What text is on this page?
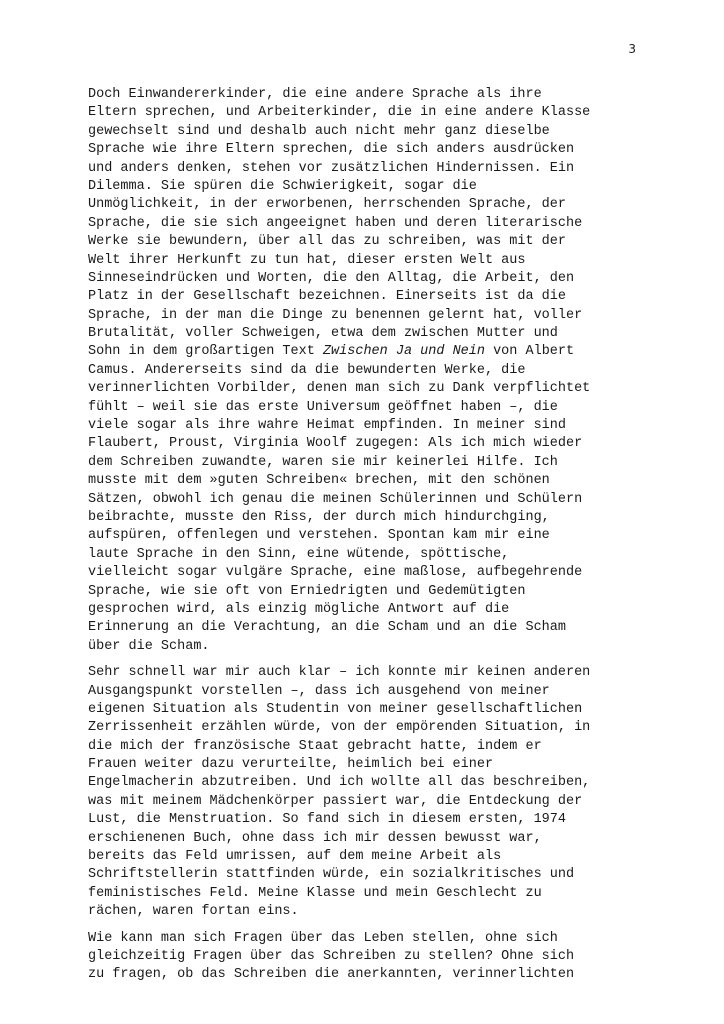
3
Doch Einwandererkinder, die eine andere Sprache als ihre
Eltern sprechen, und Arbeiterkinder, die in eine andere Klasse
gewechselt sind und deshalb auch nicht mehr ganz dieselbe
Sprache wie ihre Eltern sprechen, die sich anders ausdrücken
und anders denken, stehen vor zusätzlichen Hindernissen. Ein
Dilemma. Sie spüren die Schwierigkeit, sogar die
Unmöglichkeit, in der erworbenen, herrschenden Sprache, der
Sprache, die sie sich angeeignet haben und deren literarische
Werke sie bewundern, über all das zu schreiben, was mit der
Welt ihrer Herkunft zu tun hat, dieser ersten Welt aus
Sinneseindrücken und Worten, die den Alltag, die Arbeit, den
Platz in der Gesellschaft bezeichnen. Einerseits ist da die
Sprache, in der man die Dinge zu benennen gelernt hat, voller
Brutalität, voller Schweigen, etwa dem zwischen Mutter und
Sohn in dem großartigen Text Zwischen Ja und Nein von Albert
Camus. Andererseits sind da die bewunderten Werke, die
verinnerlichten Vorbilder, denen man sich zu Dank verpflichtet
fühlt – weil sie das erste Universum geöffnet haben –, die
viele sogar als ihre wahre Heimat empfinden. In meiner sind
Flaubert, Proust, Virginia Woolf zugegen: Als ich mich wieder
dem Schreiben zuwandte, waren sie mir keinerlei Hilfe. Ich
musste mit dem »guten Schreiben« brechen, mit den schönen
Sätzen, obwohl ich genau die meinen Schülerinnen und Schülern
beibrachte, musste den Riss, der durch mich hindurchging,
aufspüren, offenlegen und verstehen. Spontan kam mir eine
laute Sprache in den Sinn, eine wütende, spöttische,
vielleicht sogar vulgäre Sprache, eine maßlose, aufbegehrende
Sprache, wie sie oft von Erniedrigten und Gedemütigten
gesprochen wird, als einzig mögliche Antwort auf die
Erinnerung an die Verachtung, an die Scham und an die Scham
über die Scham.
Sehr schnell war mir auch klar – ich konnte mir keinen anderen
Ausgangspunkt vorstellen –, dass ich ausgehend von meiner
eigenen Situation als Studentin von meiner gesellschaftlichen
Zerrissenheit erzählen würde, von der empörenden Situation, in
die mich der französische Staat gebracht hatte, indem er
Frauen weiter dazu verurteilte, heimlich bei einer
Engelmacherin abzutreiben. Und ich wollte all das beschreiben,
was mit meinem Mädchenkörper passiert war, die Entdeckung der
Lust, die Menstruation. So fand sich in diesem ersten, 1974
erschienenen Buch, ohne dass ich mir dessen bewusst war,
bereits das Feld umrissen, auf dem meine Arbeit als
Schriftstellerin stattfinden würde, ein sozialkritisches und
feministisches Feld. Meine Klasse und mein Geschlecht zu
rächen, waren fortan eins.
Wie kann man sich Fragen über das Leben stellen, ohne sich
gleichzeitig Fragen über das Schreiben zu stellen? Ohne sich
zu fragen, ob das Schreiben die anerkannten, verinnerlichten
